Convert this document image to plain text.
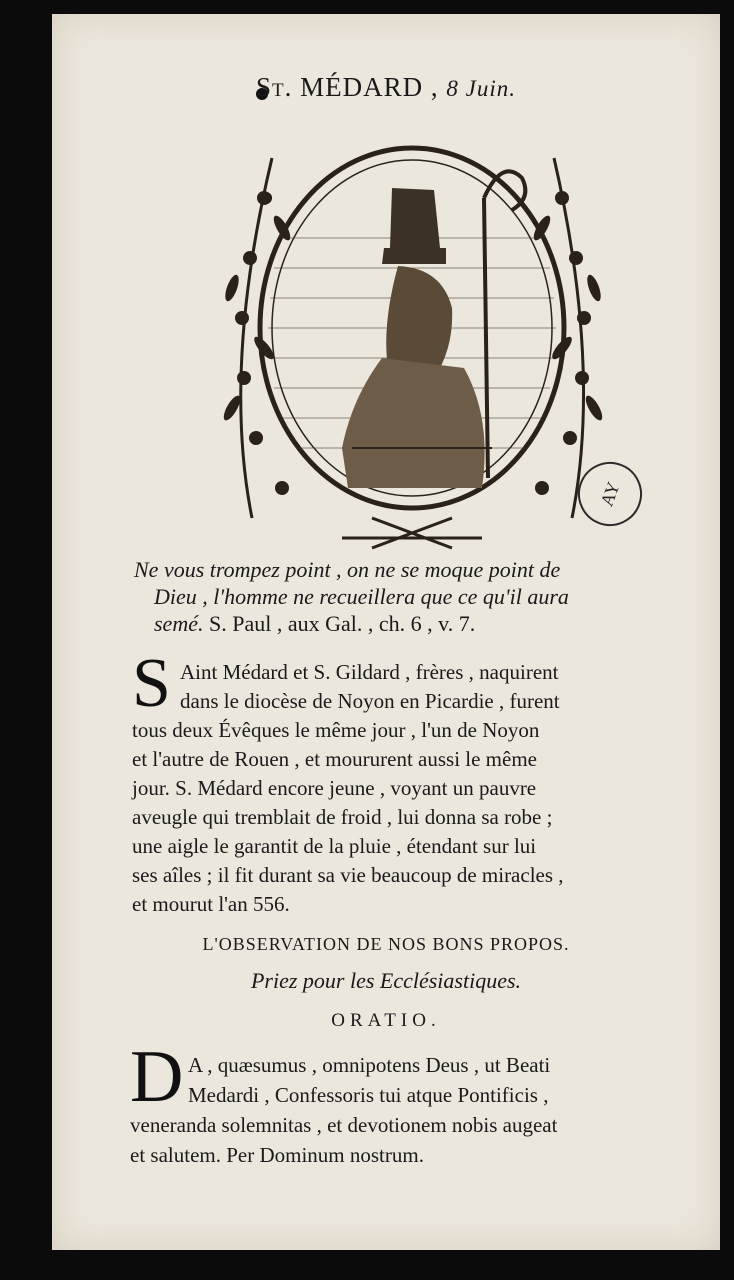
St. MÉDARD , 8 Juin.
AY
Ne vous trompez point , on ne se moque point de
Dieu , l'homme ne recueillera que ce qu'il aura
semé. S. Paul , aux Gal. , ch. 6 , v. 7.
S Aint Médard et S. Gildard , frères , naquirent
dans le diocèse de Noyon en Picardie , furent
tous deux Évêques le même jour , l'un de Noyon
et l'autre de Rouen , et moururent aussi le même
jour. S. Médard encore jeune , voyant un pauvre
aveugle qui tremblait de froid , lui donna sa robe ;
une aigle le garantit de la pluie , étendant sur lui
ses aîles ; il fit durant sa vie beaucoup de miracles ,
et mourut l'an 556.
L'OBSERVATION DE NOS BONS PROPOS.
Priez pour les Ecclésiastiques.
ORATIO.
D A , quæsumus , omnipotens Deus , ut Beati
Medardi , Confessoris tui atque Pontificis ,
veneranda solemnitas , et devotionem nobis augeat
et salutem. Per Dominum nostrum.
